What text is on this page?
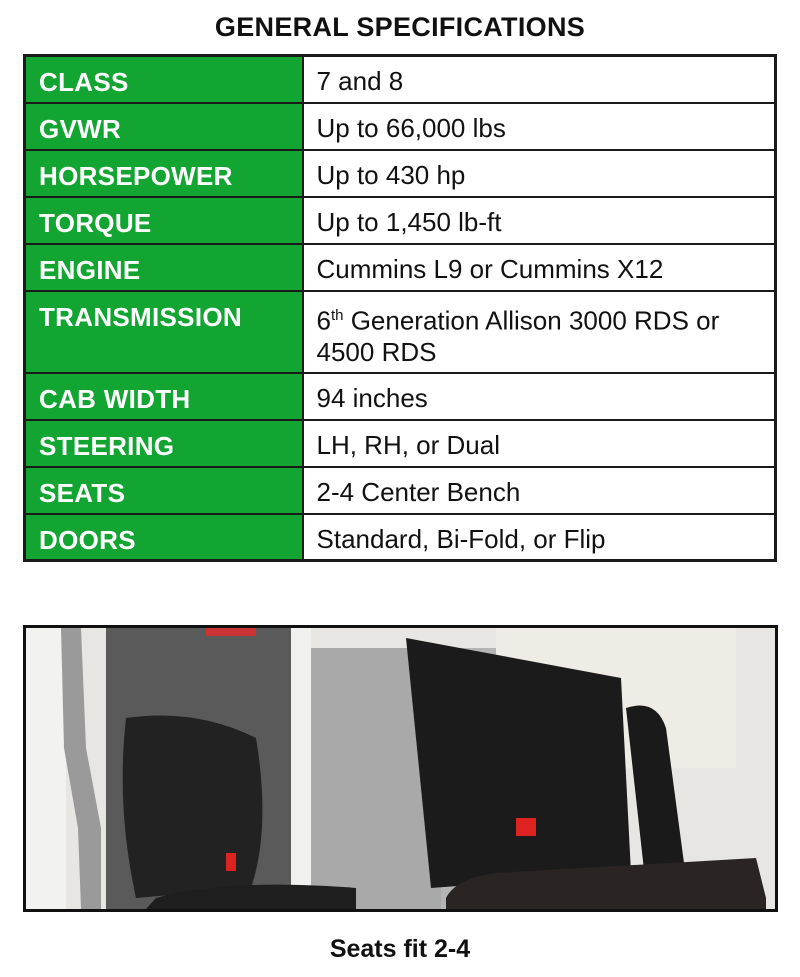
GENERAL SPECIFICATIONS
CLASS	7 and 8
GVWR	Up to 66,000 lbs
HORSEPOWER	Up to 430 hp
TORQUE	Up to 1,450 lb-ft
ENGINE	Cummins L9 or Cummins X12
TRANSMISSION	6th Generation Allison 3000 RDS or 4500 RDS
CAB WIDTH	94 inches
STEERING	LH, RH, or Dual
SEATS	2-4 Center Bench
DOORS	Standard, Bi-Fold, or Flip
Seats fit 2-4
